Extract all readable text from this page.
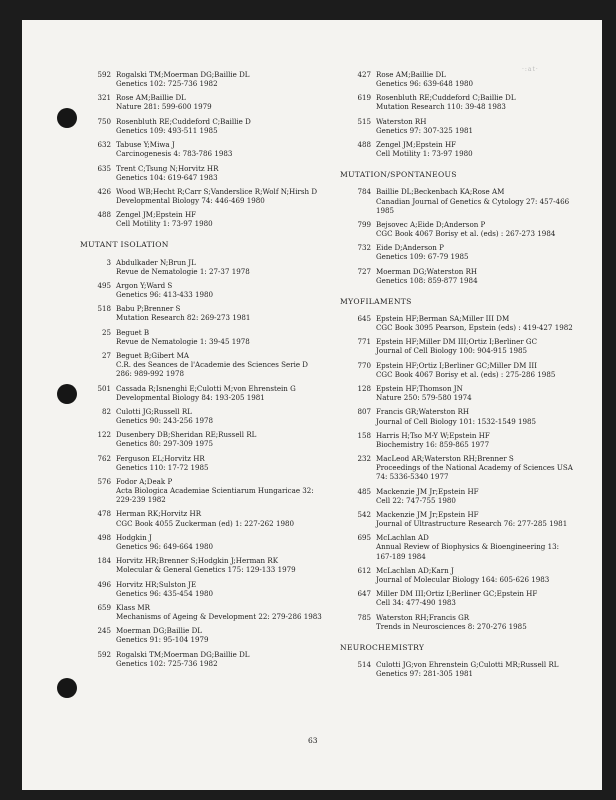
·:at·
592 Rogalski TM;Moerman DG;Baillie DL
Genetics 102: 725-736 1982
321 Rose AM;Baillie DL
Nature 281: 599-600 1979
750 Rosenbluth RE;Cuddeford C;Baillie D
Genetics 109: 493-511 1985
632 Tabuse Y;Miwa J
Carcinogenesis 4: 783-786 1983
635 Trent C;Tsung N;Horvitz HR
Genetics 104: 619-647 1983
426 Wood WB;Hecht R;Carr S;Vanderslice R;Wolf N;Hirsh D
Developmental Biology 74: 446-469 1980
488 Zengel JM;Epstein HF
Cell Motility 1: 73-97 1980
MUTANT ISOLATION
3 Abdulkader N;Brun JL
Revue de Nematologie 1: 27-37 1978
495 Argon Y;Ward S
Genetics 96: 413-433 1980
518 Babu P;Brenner S
Mutation Research 82: 269-273 1981
25 Beguet B
Revue de Nematologie 1: 39-45 1978
27 Beguet B;Gibert MA
C.R. des Seances de l'Academie des Sciences Serie D
286: 989-992 1978
501 Cassada R;Isnenghi E;Culotti M;von Ehrenstein G
Developmental Biology 84: 193-205 1981
82 Culotti JG;Russell RL
Genetics 90: 243-256 1978
122 Dusenbery DB;Sheridan RE;Russell RL
Genetics 80: 297-309 1975
762 Ferguson EL;Horvitz HR
Genetics 110: 17-72 1985
576 Fodor A;Deak P
Acta Biologica Academiae Scientiarum Hungaricae 32:
229-239 1982
478 Herman RK;Horvitz HR
CGC Book 4055 Zuckerman (ed) 1: 227-262 1980
498 Hodgkin J
Genetics 96: 649-664 1980
184 Horvitz HR;Brenner S;Hodgkin J;Herman RK
Molecular & General Genetics 175: 129-133 1979
496 Horvitz HR;Sulston JE
Genetics 96: 435-454 1980
659 Klass MR
Mechanisms of Ageing & Development 22: 279-286 1983
245 Moerman DG;Baillie DL
Genetics 91: 95-104 1979
592 Rogalski TM;Moerman DG;Baillie DL
Genetics 102: 725-736 1982
427 Rose AM;Baillie DL
Genetics 96: 639-648 1980
619 Rosenbluth RE;Cuddeford C;Baillie DL
Mutation Research 110: 39-48 1983
515 Waterston RH
Genetics 97: 307-325 1981
488 Zengel JM;Epstein HF
Cell Motility 1: 73-97 1980
MUTATION/SPONTANEOUS
784 Baillie DL;Beckenbach KA;Rose AM
Canadian Journal of Genetics & Cytology 27: 457-466
1985
799 Bejsovec A;Eide D;Anderson P
CGC Book 4067 Borisy et al. (eds) : 267-273 1984
732 Eide D;Anderson P
Genetics 109: 67-79 1985
727 Moerman DG;Waterston RH
Genetics 108: 859-877 1984
MYOFILAMENTS
645 Epstein HF;Berman SA;Miller III DM
CGC Book 3095 Pearson, Epstein (eds) : 419-427 1982
771 Epstein HF;Miller DM III;Ortiz I;Berliner GC
Journal of Cell Biology 100: 904-915 1985
770 Epstein HF;Ortiz I;Berliner GC;Miller DM III
CGC Book 4067 Borisy et al. (eds) : 275-286 1985
128 Epstein HF;Thomson JN
Nature 250: 579-580 1974
807 Francis GR;Waterston RH
Journal of Cell Biology 101: 1532-1549 1985
158 Harris H;Tso M-Y W;Epstein HF
Biochemistry 16: 859-865 1977
232 MacLeod AR;Waterston RH;Brenner S
Proceedings of the National Academy of Sciences USA
74: 5336-5340 1977
485 Mackenzie JM Jr;Epstein HF
Cell 22: 747-755 1980
542 Mackenzie JM Jr;Epstein HF
Journal of Ultrastructure Research 76: 277-285 1981
695 McLachlan AD
Annual Review of Biophysics & Bioengineering 13:
167-189 1984
612 McLachlan AD;Karn J
Journal of Molecular Biology 164: 605-626 1983
647 Miller DM III;Ortiz I;Berliner GC;Epstein HF
Cell 34: 477-490 1983
785 Waterston RH;Francis GR
Trends in Neurosciences 8: 270-276 1985
NEUROCHEMISTRY
514 Culotti JG;von Ehrenstein G;Culotti MR;Russell RL
Genetics 97: 281-305 1981
63
